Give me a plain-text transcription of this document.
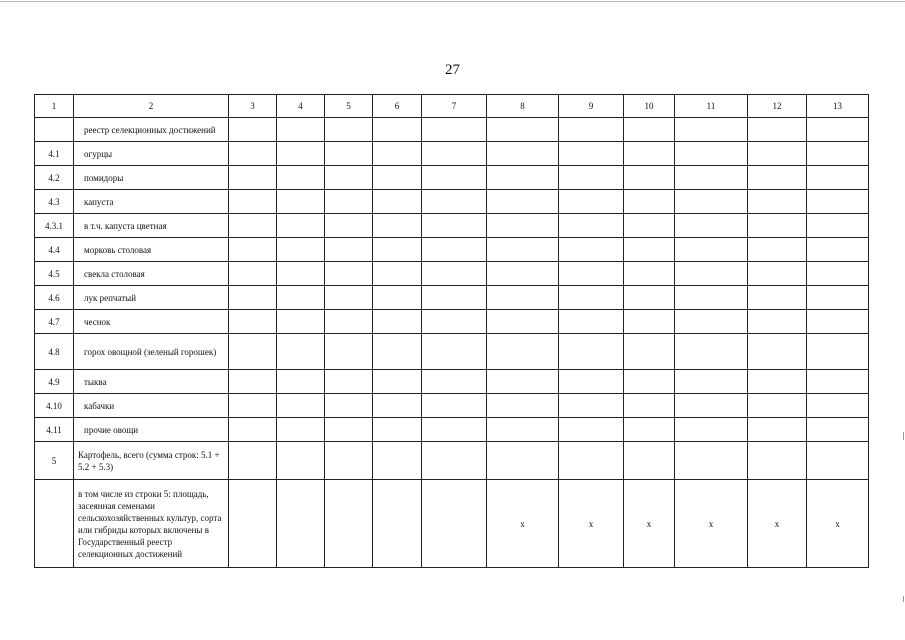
27
1	2	3	4	5	6	7	8	9	10	11	12	13
	реестр селекционных достижений											
4.1	огурцы											
4.2	помидоры											
4.3	капуста											
4.3.1	в т.ч. капуста цветная											
4.4	морковь столовая											
4.5	свекла столовая											
4.6	лук репчатый											
4.7	чеснок											
4.8	горох овощной (зеленый горошек)											
4.9	тыква											
4.10	кабачки											
4.11	прочие овощи											
5	Картофель, всего (сумма строк: 5.1 + 5.2 + 5.3)											
	в том числе из строки 5: площадь, засеянная семенами сельскохозяйственных культур, сорта или гибриды которых включены в Государственный реестр селекционных достижений						x	x	x	x	x	x
